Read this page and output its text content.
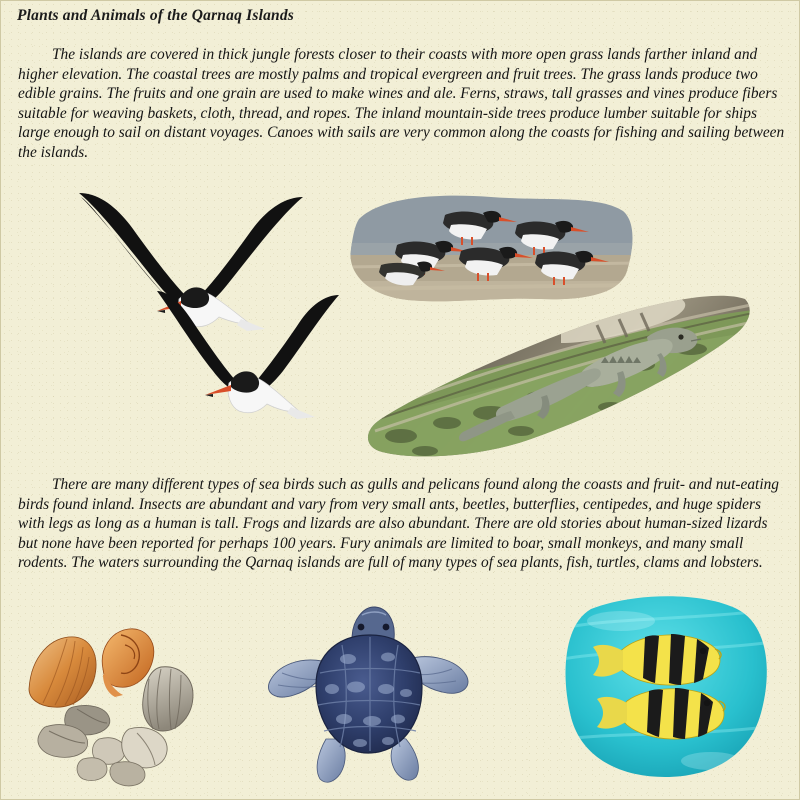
Plants and Animals of the Qarnaq Islands
The islands are covered in thick jungle forests closer to their coasts with more open grass lands farther inland and higher elevation. The coastal trees are mostly palms and tropical evergreen and fruit trees. The grass lands produce two edible grains. The fruits and one grain are used to make wines and ale. Ferns, straws, tall grasses and vines produce fibers suitable for weaving baskets, cloth, thread, and ropes. The inland mountain-side trees produce lumber suitable for ships large enough to sail on distant voyages. Canoes with sails are very common along the coasts for fishing and sailing between the islands.
There are many different types of sea birds such as gulls and pelicans found along the coasts and fruit- and nut-eating birds found inland. Insects are abundant and vary from very small ants, beetles, butterflies, centipedes, and huge spiders with legs as long as a human is tall. Frogs and lizards are also abundant. There are old stories about human-sized lizards but none have been reported for perhaps 100 years. Fury animals are limited to boar, small monkeys, and many small rodents. The waters surrounding the Qarnaq islands are full of many types of sea plants, fish, turtles, clams and lobsters.
